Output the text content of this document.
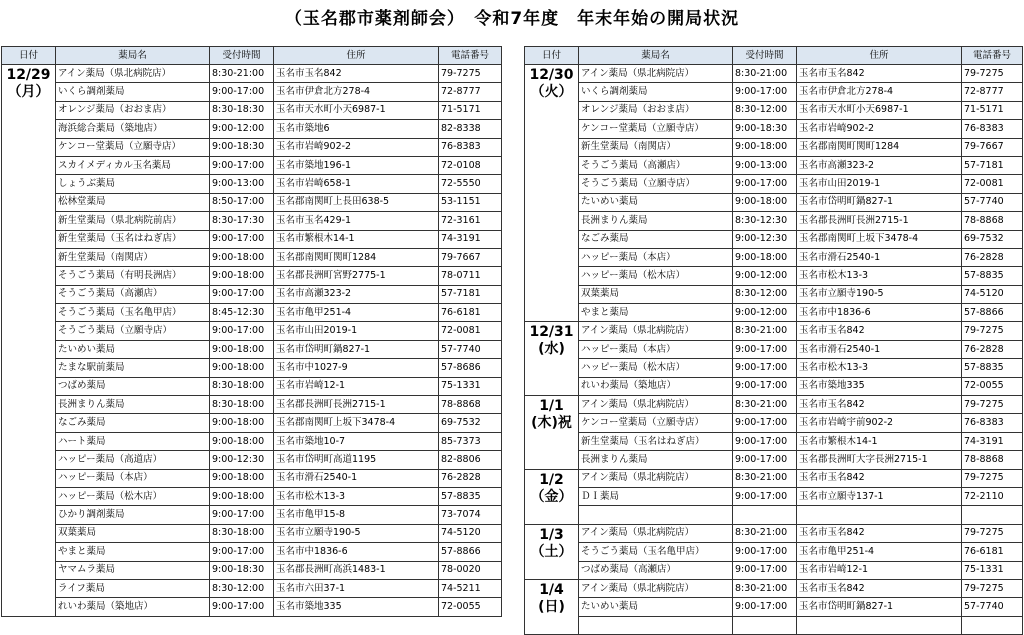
（玉名郡市薬剤師会）　令和7年度　年末年始の開局状況
日付	薬局名	受付時間	住所	電話番号

12/29
（月）	アイン薬局（県北病院店）	8:30-21:00	玉名市玉名842	79-7275
	いくら調剤薬局	9:00-17:00	玉名市伊倉北方278-4	72-8777
	オレンジ薬局（おおま店）	8:30-18:30	玉名市天水町小天6987-1	71-5171
	海浜総合薬局（築地店）	9:00-12:00	玉名市築地6	82-8338
	ケンコー堂薬局（立願寺店）	9:00-18:30	玉名市岩崎902-2	76-8383
	スカイメディカル玉名薬局	9:00-17:00	玉名市築地196-1	72-0108
	しょうぶ薬局	9:00-13:00	玉名市岩崎658-1	72-5550
	松林堂薬局	8:50-17:00	玉名郡南関町上長田638-5	53-1151
	新生堂薬局（県北病院前店）	8:30-17:30	玉名市玉名429-1	72-3161
	新生堂薬局（玉名はねぎ店）	9:00-17:00	玉名市繁根木14-1	74-3191
	新生堂薬局（南関店）	9:00-18:00	玉名郡南関町関町1284	79-7667
	そうごう薬局（有明長洲店）	9:00-18:00	玉名郡長洲町宮野2775-1	78-0711
	そうごう薬局（高瀬店）	9:00-17:00	玉名市高瀬323-2	57-7181
	そうごう薬局（玉名亀甲店）	8:45-12:30	玉名市亀甲251-4	76-6181
	そうごう薬局（立願寺店）	9:00-17:00	玉名市山田2019-1	72-0081
	たいめい薬局	9:00-18:00	玉名市岱明町鍋827-1	57-7740
	たまな駅前薬局	9:00-18:00	玉名市中1027-9	57-8686
	つばめ薬局	8:30-18:00	玉名市岩崎12-1	75-1331
	長洲まりん薬局	8:30-18:00	玉名郡長洲町長洲2715-1	78-8868
	なごみ薬局	9:00-18:00	玉名郡南関町上坂下3478-4	69-7532
	ハート薬局	9:00-18:00	玉名市築地10-7	85-7373
	ハッピー薬局（高道店）	9:00-12:30	玉名市岱明町高道1195	82-8806
	ハッピー薬局（本店）	9:00-18:00	玉名市滑石2540-1	76-2828
	ハッピー薬局（松木店）	9:00-18:00	玉名市松木13-3	57-8835
	ひかり調剤薬局	9:00-17:00	玉名市亀甲15-8	73-7074
	双葉薬局	8:30-18:00	玉名市立願寺190-5	74-5120
	やまと薬局	9:00-17:00	玉名市中1836-6	57-8866
	ヤマムラ薬局	9:00-18:30	玉名郡長洲町高浜1483-1	78-0020
	ライフ薬局	8:30-12:00	玉名市六田37-1	74-5211
	れいわ薬局（築地店）	9:00-17:00	玉名市築地335	72-0055
日付	薬局名	受付時間	住所	電話番号

12/30
（火）	アイン薬局（県北病院店）	8:30-21:00	玉名市玉名842	79-7275
	いくら調剤薬局	9:00-17:00	玉名市伊倉北方278-4	72-8777
	オレンジ薬局（おおま店）	8:30-12:00	玉名市天水町小天6987-1	71-5171
	ケンコー堂薬局（立願寺店）	9:00-18:30	玉名市岩崎902-2	76-8383
	新生堂薬局（南関店）	9:00-18:00	玉名郡南関町関町1284	79-7667
	そうごう薬局（高瀬店）	9:00-13:00	玉名市高瀬323-2	57-7181
	そうごう薬局（立願寺店）	9:00-17:00	玉名市山田2019-1	72-0081
	たいめい薬局	9:00-18:00	玉名市岱明町鍋827-1	57-7740
	長洲まりん薬局	8:30-12:30	玉名郡長洲町長洲2715-1	78-8868
	なごみ薬局	9:00-12:30	玉名郡南関町上坂下3478-4	69-7532
	ハッピー薬局（本店）	9:00-18:00	玉名市滑石2540-1	76-2828
	ハッピー薬局（松木店）	9:00-12:00	玉名市松木13-3	57-8835
	双葉薬局	8:30-12:00	玉名市立願寺190-5	74-5120
	やまと薬局	9:00-12:00	玉名市中1836-6	57-8866

12/31
(水)	アイン薬局（県北病院店）	8:30-21:00	玉名市玉名842	79-7275
	ハッピー薬局（本店）	9:00-17:00	玉名市滑石2540-1	76-2828
	ハッピー薬局（松木店）	9:00-17:00	玉名市松木13-3	57-8835
	れいわ薬局（築地店）	9:00-17:00	玉名市築地335	72-0055

1/1
(木)祝	アイン薬局（県北病院店）	8:30-21:00	玉名市玉名842	79-7275
	ケンコー堂薬局（立願寺店）	9:00-17:00	玉名市岩崎宇前902-2	76-8383
	新生堂薬局（玉名はねぎ店）	9:00-17:00	玉名市繁根木14-1	74-3191
	長洲まりん薬局	9:00-17:00	玉名郡長洲町大字長洲2715-1	78-8868

1/2
（金）	アイン薬局（県北病院店）	8:30-21:00	玉名市玉名842	79-7275
	ＤＩ薬局	9:00-17:00	玉名市立願寺137-1	72-2110

1/3
（土）	アイン薬局（県北病院店）	8:30-21:00	玉名市玉名842	79-7275
	そうごう薬局（玉名亀甲店）	9:00-17:00	玉名市亀甲251-4	76-6181
	つばめ薬局（高瀬店）	9:00-17:00	玉名市岩崎12-1	75-1331

1/4
(日)	アイン薬局（県北病院店）	8:30-21:00	玉名市玉名842	79-7275
	たいめい薬局	9:00-17:00	玉名市岱明町鍋827-1	57-7740
